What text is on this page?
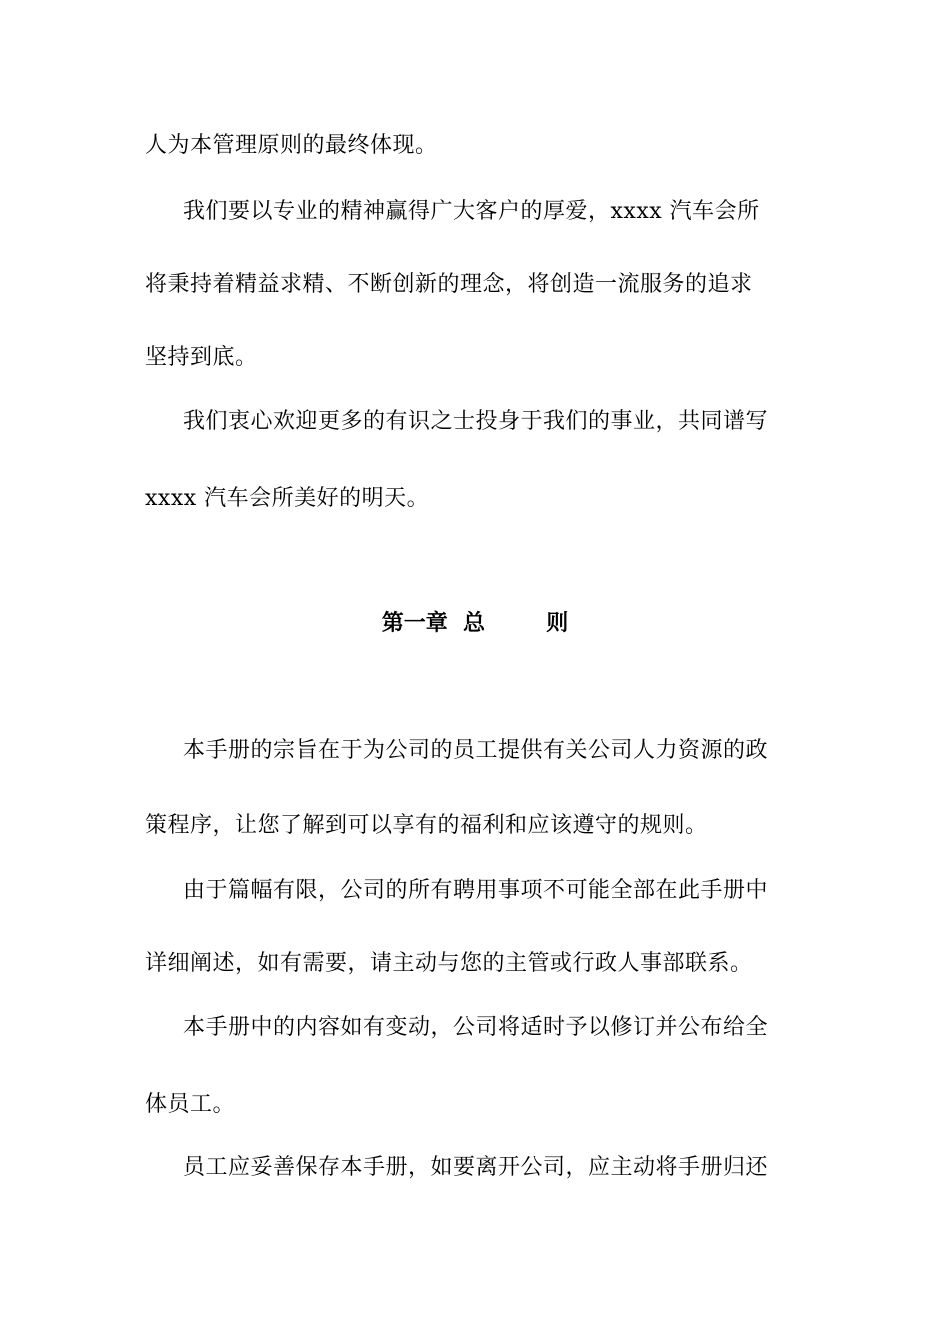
人为本管理原则的最终体现。
我们要以专业的精神赢得广大客户的厚爱，xxxx 汽车会所
将秉持着精益求精、不断创新的理念，将创造一流服务的追求
坚持到底。
我们衷心欢迎更多的有识之士投身于我们的事业，共同谱写
xxxx 汽车会所美好的明天。
第一章  总        则
本手册的宗旨在于为公司的员工提供有关公司人力资源的政
策程序，让您了解到可以享有的福利和应该遵守的规则。
由于篇幅有限，公司的所有聘用事项不可能全部在此手册中
详细阐述，如有需要，请主动与您的主管或行政人事部联系。
本手册中的内容如有变动，公司将适时予以修订并公布给全
体员工。
员工应妥善保存本手册，如要离开公司，应主动将手册归还
